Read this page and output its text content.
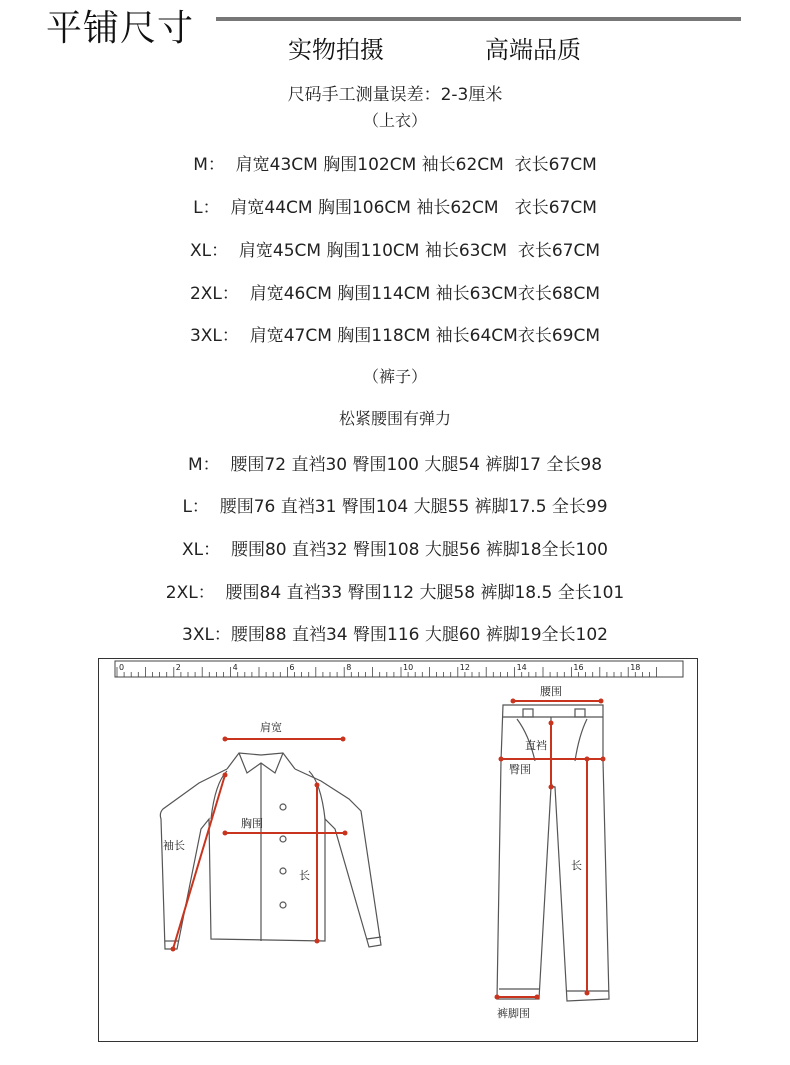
平铺尺寸
实物拍摄	高端品质
尺码手工测量误差：2-3厘米
（上衣）
M：  肩宽43CM 胸围102CM 袖长62CM  衣长67CM
L：  肩宽44CM 胸围106CM 袖长62CM   衣长67CM
XL：  肩宽45CM 胸围110CM 袖长63CM  衣长67CM
2XL：  肩宽46CM 胸围114CM 袖长63CM衣长68CM
3XL：  肩宽47CM 胸围118CM 袖长64CM衣长69CM
（裤子）
松紧腰围有弹力
M：  腰围72 直裆30 臀围100 大腿54 裤脚17 全长98
L：  腰围76 直裆31 臀围104 大腿55 裤脚17.5 全长99
XL：  腰围80 直裆32 臀围108 大腿56 裤脚18全长100
2XL：  腰围84 直裆33 臀围112 大腿58 裤脚18.5 全长101
3XL：腰围88 直裆34 臀围116 大腿60 裤脚19全长102
0	2	4	6	8	10	12	14	16	18
肩宽
胸围
袖长
长
腰围
直裆
臀围
长
裤脚围
